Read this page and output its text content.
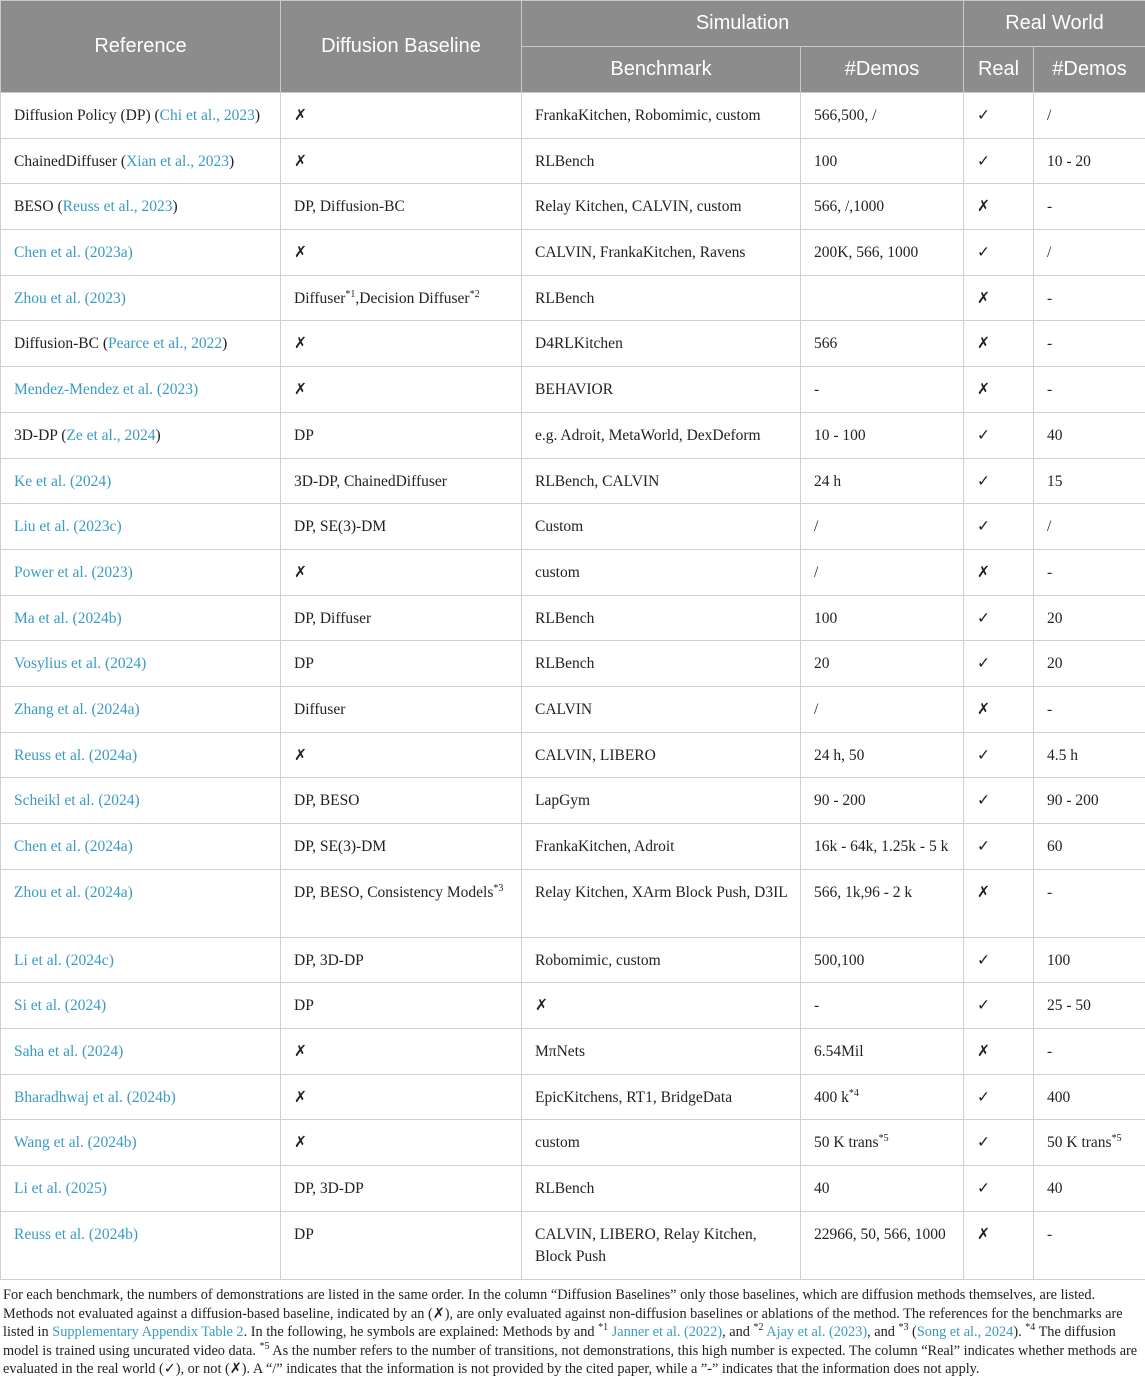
Reference	Diffusion Baseline	Simulation		Real World	
		Benchmark	#Demos	Real	#Demos
Diffusion Policy (DP) (Chi et al., 2023)	✗	FrankaKitchen, Robomimic, custom	566,500, /	✓	/
ChainedDiffuser (Xian et al., 2023)	✗	RLBench	100	✓	10 - 20
BESO (Reuss et al., 2023)	DP, Diffusion-BC	Relay Kitchen, CALVIN, custom	566, /,1000	✗	-
Chen et al. (2023a)	✗	CALVIN, FrankaKitchen, Ravens	200K, 566, 1000	✓	/
Zhou et al. (2023)	Diffuser$^{*1}$,Decision Diffuser$^{*2}$	RLBench		✗	-
Diffusion-BC (Pearce et al., 2022)	✗	D4RLKitchen	566	✗	-
Mendez-Mendez et al. (2023)	✗	BEHAVIOR	-	✗	-
3D-DP (Ze et al., 2024)	DP	e.g. Adroit, MetaWorld, DexDeform	10 - 100	✓	40
Ke et al. (2024)	3D-DP, ChainedDiffuser	RLBench, CALVIN	24 h	✓	15
Liu et al. (2023c)	DP, SE(3)-DM	Custom	/	✓	/
Power et al. (2023)	✗	custom	/	✗	-
Ma et al. (2024b)	DP, Diffuser	RLBench	100	✓	20
Vosylius et al. (2024)	DP	RLBench	20	✓	20
Zhang et al. (2024a)	Diffuser	CALVIN	/	✗	-
Reuss et al. (2024a)	✗	CALVIN, LIBERO	24 h, 50	✓	4.5 h
Scheikl et al. (2024)	DP, BESO	LapGym	90 - 200	✓	90 - 200
Chen et al. (2024a)	DP, SE(3)-DM	FrankaKitchen, Adroit	16k - 64k, 1.25k - 5 k	✓	60
Zhou et al. (2024a)	DP, BESO, Consistency Models$^{*3}$	Relay Kitchen, XArm Block Push, D3IL	566, 1k,96 - 2 k	✗	-
Li et al. (2024c)	DP, 3D-DP	Robomimic, custom	500,100	✓	100
Si et al. (2024)	DP	✗	-	✓	25 - 50
Saha et al. (2024)	✗	MπNets	6.54Mil	✗	-
Bharadhwaj et al. (2024b)	✗	EpicKitchens, RT1, BridgeData	400 $k^{*4}$	✓	400
Wang et al. (2024b)	✗	custom	50 K trans$^{*5}$	✓	50 K trans$^{*5}$
Li et al. (2025)	DP, 3D-DP	RLBench	40	✓	40
Reuss et al. (2024b)	DP	CALVIN, LIBERO, Relay Kitchen, Block Push	22966, 50, 566, 1000	✗	-
For each benchmark, the numbers of demonstrations are listed in the same order. In the column “Diffusion Baselines” only those baselines, which are diffusion methods themselves, are listed. Methods not evaluated against a diffusion-based baseline, indicated by an (✗), are only evaluated against non-diffusion baselines or ablations of the method. The references for the benchmarks are listed in Supplementary Appendix Table 2. In the following, he symbols are explained: Methods by and $^{*1}$ Janner et al. (2022), and $^{*2}$ Ajay et al. (2023), and $^{*3}$ (Song et al., 2024). $^{*4}$ The diffusion model is trained using uncurated video data. $^{*5}$ As the number refers to the number of transitions, not demonstrations, this high number is expected. The column “Real” indicates whether methods are evaluated in the real world (✓), or not (✗). A “/” indicates that the information is not provided by the cited paper, while a ”-” indicates that the information does not apply.
